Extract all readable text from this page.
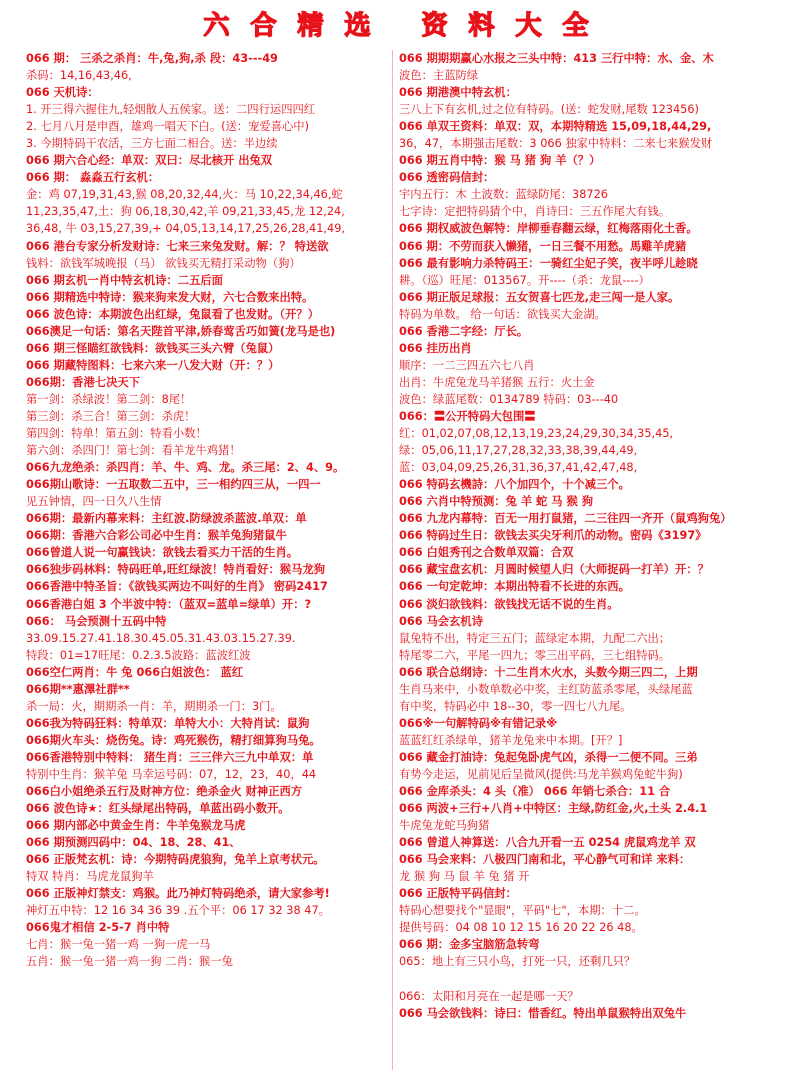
六 合 精 选 资 料 大 全
066 期： 三杀之杀肖：牛,兔,狗,杀 段：43---49
杀码：14,16,43,46,
066 天机诗：
1. 开三得六握住九,轻烟散人五侯家。送：二四行运四四红
2. 七月八月是申酉，雄鸡一唱天下白。(送：宠爱喜心中)
3. 今期特码干农活，三方七面二相合。送：半边续
066 期六合心经：单双：双曰：尽北核开 出兔双
066 期： 淼淼五行玄机：
金：鸡 07,19,31,43,猴 08,20,32,44,火：马 10,22,34,46,蛇
11,23,35,47,土：狗 06,18,30,42,羊 09,21,33,45,龙 12,24,
36,48, 牛 03,15,27,39,+ 04,05,13,14,17,25,26,28,41,49,
066 港台专家分析发财诗：七来三来兔发财。解：？ 特送欲
钱料：欲钱军城晚报（马） 欲钱买无精打采动物（狗）
066 期玄机一肖中特玄机诗：二五后面
066 期精选中特诗：猴来狗来发大财，六七合数来出特。
066 波色诗：本期波色出红绿，兔鼠看了也发财。（开？）
066澳足一句话：第名天陛首平津,娇春莺舌巧如簧(龙马是也)
066 期三怪瞄红欲钱料：欲钱买三头六臂（兔鼠）
066 期藏特图料：七来六来一八发大财（开：？）
066期：香港七决天下
第一剑：杀绿波！第二剑：8尾！
第三剑：杀三合！第三剑：杀虎！
第四剑：特单！第五剑：特看小数！
第六剑：杀四门！第七剑：看羊龙牛鸡猪！
066九龙绝杀：杀四肖：羊、牛、鸡、龙。杀三尾：2、4、9。
066期山歌诗：一五取数二五中，三一相约四三从，一四一
见五钟情，四一日久八生情
066期：最新内幕来料：主红波.防绿波杀蓝波.单双：单
066期：香港六合彩公司必中生肖：猴羊兔狗猪鼠牛
066曾道人说一句赢钱诀：欲钱去看买力干活的生肖。
066独步码林料：特码旺单,旺红绿波！特肖看好：猴马龙狗
066香港中特圣旨：《欲钱买两边不叫好的生肖》 密码2417
066香港白姐 3 个半波中特：（蓝双=蓝单=绿单）开：?
066： 马会预测十五码中特
33.09.15.27.41.18.30.45.05.31.43.03.15.27.39.
特段：01=17旺尾：0.2.3.5波路：蓝波红波
066空仁两肖：牛 兔 066白姐波色： 蓝红
066期**惠澤社群**
杀一局：火，期期杀一肖：羊，期期杀一门：3门。
066我为特码狂料：特单双：单特大小：大特肖试：鼠狗
066期火车头：烧伤兔。诗：鸡死猴伤，精打细算狗马兔。
066香港特别中特料： 猪生肖：三三伴六三九中单双：单
特别中生肖：猴羊兔 马幸运号码：07，12，23，40，44
066白小姐绝杀五行及财神方位：绝杀金火 财神正西方
066 波色诗★：红头绿尾出特码，单蓝出码小数开。
066 期内部必中黄金生肖：牛羊兔猴龙马虎
066 期预测四码中：04、18、28、41、
066 正版梵玄机：诗：今期特码虎狼狗，兔羊上京考状元。
特双 特肖：马虎龙鼠狗羊
066 正版神灯禁支：鸡猴。此乃神灯特码绝杀，请大家参考!
神灯五中特：12 16 34 36 39 .五个平：06 17 32 38 47。
066鬼才相信 2-5-7 肖中特
七肖：猴一兔一猪一鸡 一狗一虎一马
五肖：猴一兔一猪一鸡一狗 二肖：猴一兔
066 期期期赢心水报之三头中特：413 三行中特：水、金、木
波色：主蓝防绿
066 期港澳中特玄机：
三八上下有玄机,过之位有特码。(送：蛇发财,尾数 123456)
066 单双王资料：单双：双，本期特精选 15,09,18,44,29,
36，47，本期强击尾数：3 066 独家中特料：二来七来猴发财
066 期五肖中特：猴 马 猪 狗 羊（？）
066 透密码信封：
宇内五行：木 土波数：蓝绿防尾：38726
七字诗：定把特码猜个中，肖诗曰：三五作尾大有钱。
066 期权威波色解特：岸柳垂春翻云绿，红梅落雨化土香。
066 期：不劳而获入懒猪，一日三餐不用愁。馬雞羊虎豬
066 最有影响力杀特码王：一骑红尘妃子笑，夜半呼儿趁晓
耕。（巡）旺尾：013567。开----（杀：龙鼠----）
066 期正版足球报：五女贺喜七匹龙,走三闯一是人家。
特码为单数。 给一句话：欲钱买大金湖。
066 香港二字经：厅长。
066 挂历出肖
顺序：一二三四五六七八肖
出肖：牛虎兔龙马羊猪猴 五行：火土金
波色：绿蓝尾数：0134789 特码：03---40
066：〓公开特码大包围〓
红：01,02,07,08,12,13,19,23,24,29,30,34,35,45,
绿：05,06,11,17,27,28,32,33,38,39,44,49,
蓝：03,04,09,25,26,31,36,37,41,42,47,48,
066 特码玄機詩：八个加四个，十个减三个。
066 六肖中特预测：兔 羊 蛇 马 猴 狗
066 九龙内幕特：百无一用打鼠猪，二三往四一齐开（鼠鸡狗兔）
066 特码过生日：欲钱去买尖牙利爪的动物。密码《3197》
066 白姐秀刊之合数单双篇：合双
066 藏宝盘玄机：月圆时候望人归（大师捉码一打羊）开：？
066 一句定乾坤：本期出特看不长进的东西。
066 淡妇欲钱料：欲钱找无话不说的生肖。
066 马会玄机诗
鼠兔特不出，特定三五门；蓝绿定本期，九配二六出；
特尾零二六，平尾一四九；零三出平码，三七组特码。
066 联合总纲诗：十二生肖木火水，头数今期三四二，上期
生肖马来中，小数单数必中奖，主红防蓝杀零尾，头绿尾蓝
有中奖，特码必中 18--30，零一四七八九尾。
066※一句解特码※有错记录※
蓝蓝红红杀绿单，猪羊龙兔来中本期。[开？]
066 藏金打油诗：兔起兔卧虎气凶，杀得一二便不同。三弟
有势今走运，见前见后呈微风(提供:马龙羊猴鸡兔蛇牛狗)
066 金库杀头：4 头（准） 066 年销七杀合：11 合
066 两波+三行+八肖+中特区：主绿,防红金,火,土头 2.4.1
牛虎兔龙蛇马狗猪
066 曾道人神算送：八合九开看一五 0254 虎鼠鸡龙羊 双
066 马会来料：八极四门南和北，平心静气可和详 来料：
龙 猴 狗 马 鼠 羊 兔 猪 开
066 正版特平码信封：
特码心想要找个"显眼"，平码"七"，本期：十二。
提供号码：04 08 10 12 15 16 20 22 26 48。
066 期：金多宝脑筋急转弯
065：地上有三只小鸟，打死一只，还剩几只？
066：太阳和月亮在一起是哪一天？
066 马会欲钱料：诗曰：惜香红。特出单鼠猴特出双兔牛
